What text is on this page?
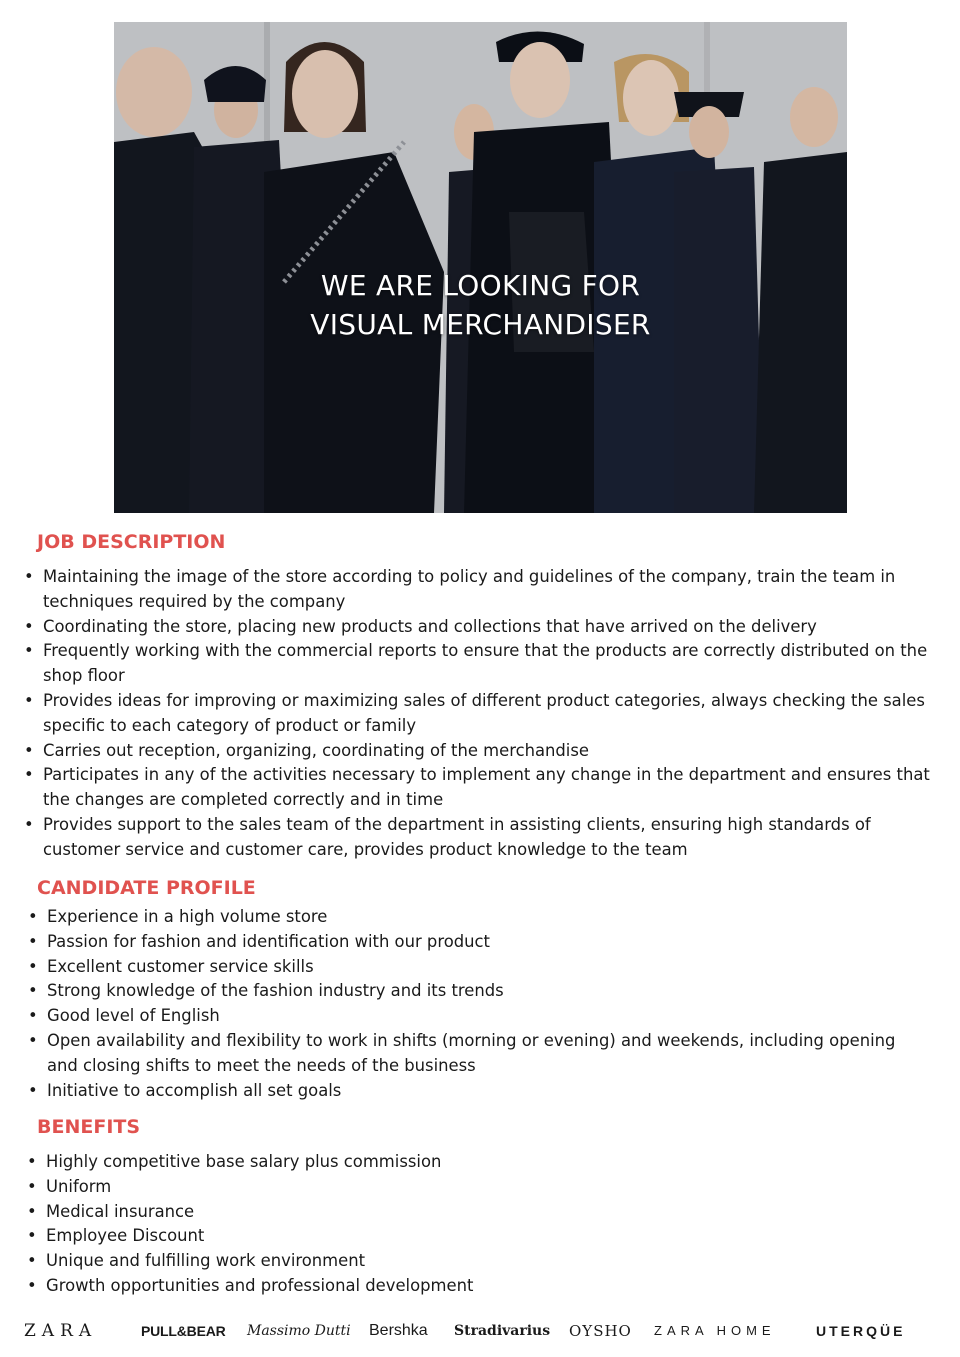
WE ARE LOOKING FOR
VISUAL MERCHANDISER
JOB DESCRIPTION
• Maintaining the image of the store according to policy and guidelines of the company, train the team in techniques required by the company
• Coordinating the store, placing new products and collections that have arrived on the delivery
• Frequently working with the commercial reports to ensure that the products are correctly distributed on the shop floor
• Provides ideas for improving or maximizing sales of different product categories, always checking the sales specific to each category of product or family
• Carries out reception, organizing, coordinating of the merchandise
• Participates in any of the activities necessary to implement any change in the department and ensures that the changes are completed correctly and in time
• Provides support to the sales team of the department in assisting clients, ensuring high standards of customer service and customer care, provides product knowledge to the team
CANDIDATE PROFILE
• Experience in a high volume store
• Passion for fashion and identification with our product
• Excellent customer service skills
• Strong knowledge of the fashion industry and its trends
• Good level of English
• Open availability and flexibility to work in shifts (morning or evening) and weekends, including opening and closing shifts to meet the needs of the business
• Initiative to accomplish all set goals
BENEFITS
• Highly competitive base salary plus commission
• Uniform
• Medical insurance
• Employee Discount
• Unique and fulfilling work environment
• Growth opportunities and professional development
ZARA	PULL&BEAR Massimo Dutti Bershka Stradivarius OYSHO ZARA HOME	UTERQÜE
